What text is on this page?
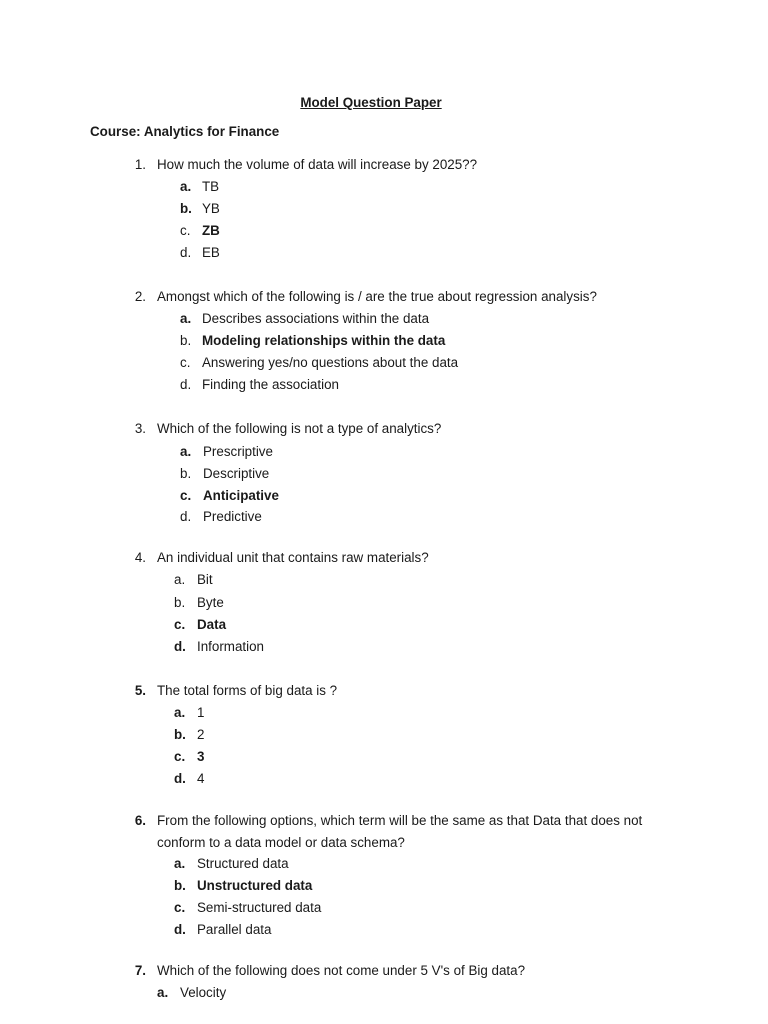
Model Question Paper
Course: Analytics for Finance
1. How much the volume of data will increase by 2025??
a. TB
b. YB
c. ZB
d. EB
2. Amongst which of the following is / are the true about regression analysis?
a. Describes associations within the data
b. Modeling relationships within the data
c. Answering yes/no questions about the data
d. Finding the association
3. Which of the following is not a type of analytics?
a. Prescriptive
b. Descriptive
c. Anticipative
d. Predictive
4. An individual unit that contains raw materials?
a. Bit
b. Byte
c. Data
d. Information
5. The total forms of big data is ?
a. 1
b. 2
c. 3
d. 4
6. From the following options, which term will be the same as that Data that does not
conform to a data model or data schema?
a. Structured data
b. Unstructured data
c. Semi-structured data
d. Parallel data
7. Which of the following does not come under 5 V's of Big data?
a. Velocity
